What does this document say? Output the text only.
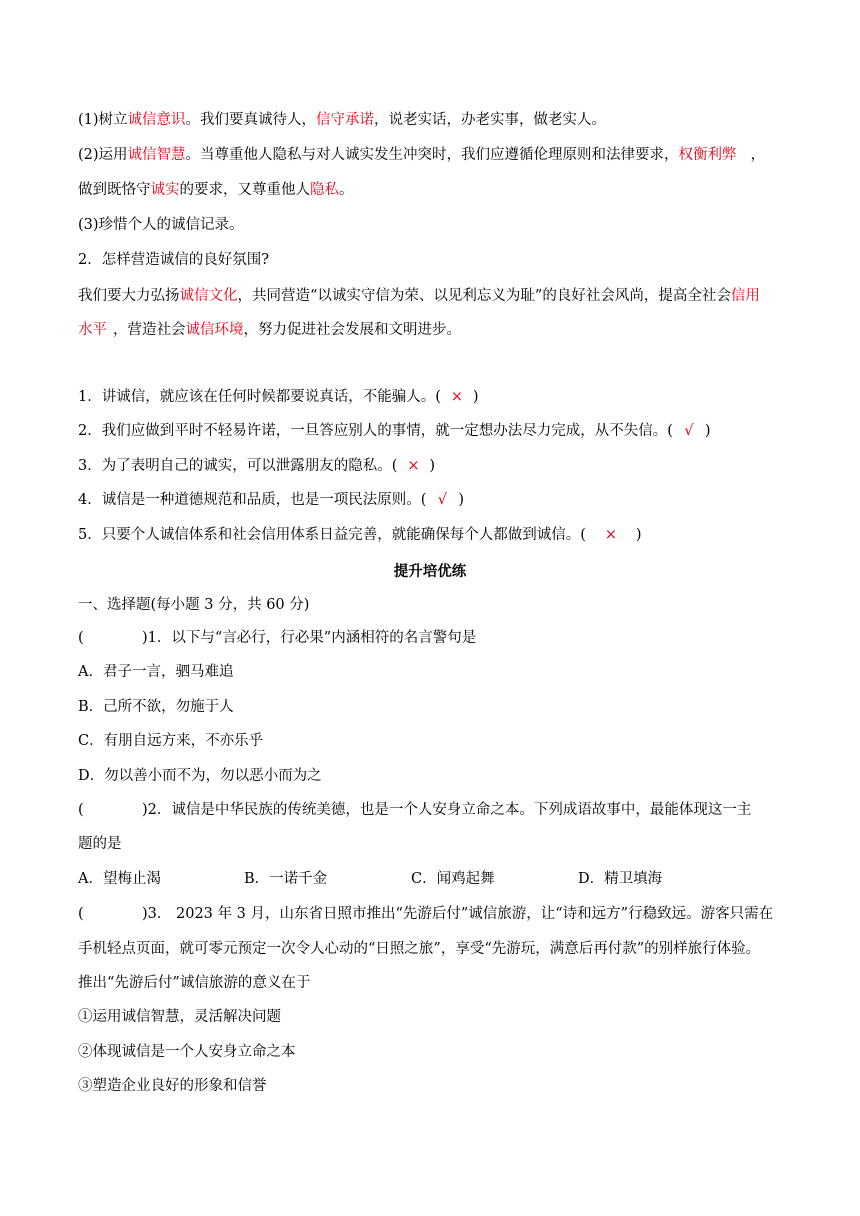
(1)树立诚信意识。我们要真诚待人，信守承诺，说老实话，办老实事，做老实人。
(2)运用诚信智慧。当尊重他人隐私与对人诚实发生冲突时，我们应遵循伦理原则和法律要求，权衡利弊 ，
做到既恪守诚实的要求，又尊重他人隐私。
(3)珍惜个人的诚信记录。
2．怎样营造诚信的良好氛围?
我们要大力弘扬诚信文化，共同营造“以诚实守信为荣、以见利忘义为耻”的良好社会风尚，提高全社会信用
水平 ，营造社会诚信环境，努力促进社会发展和文明进步。
1．讲诚信，就应该在任何时候都要说真话，不能骗人。( × )
2．我们应做到平时不轻易许诺，一旦答应别人的事情，就一定想办法尽力完成，从不失信。( √ )
3．为了表明自己的诚实，可以泄露朋友的隐私。( × )
4．诚信是一种道德规范和品质，也是一项民法原则。( √ )
5．只要个人诚信体系和社会信用体系日益完善，就能确保每个人都做到诚信。( × )
提升培优练
一、选择题(每小题 3 分，共 60 分)
(	)1．以下与“言必行，行必果”内涵相符的名言警句是
A．君子一言，驷马难追
B．己所不欲，勿施于人
C．有朋自远方来，不亦乐乎
D．勿以善小而不为，勿以恶小而为之
(	)2．诚信是中华民族的传统美德，也是一个人安身立命之本。下列成语故事中，最能体现这一主
题的是
A．望梅止渴	B．一诺千金	C．闻鸡起舞	D．精卫填海
(	)3． 2023 年 3 月，山东省日照市推出“先游后付”诚信旅游，让“诗和远方”行稳致远。游客只需在
手机轻点页面，就可零元预定一次令人心动的“日照之旅”，享受“先游玩，满意后再付款”的别样旅行体验。
推出“先游后付”诚信旅游的意义在于
①运用诚信智慧，灵活解决问题
②体现诚信是一个人安身立命之本
③塑造企业良好的形象和信誉
